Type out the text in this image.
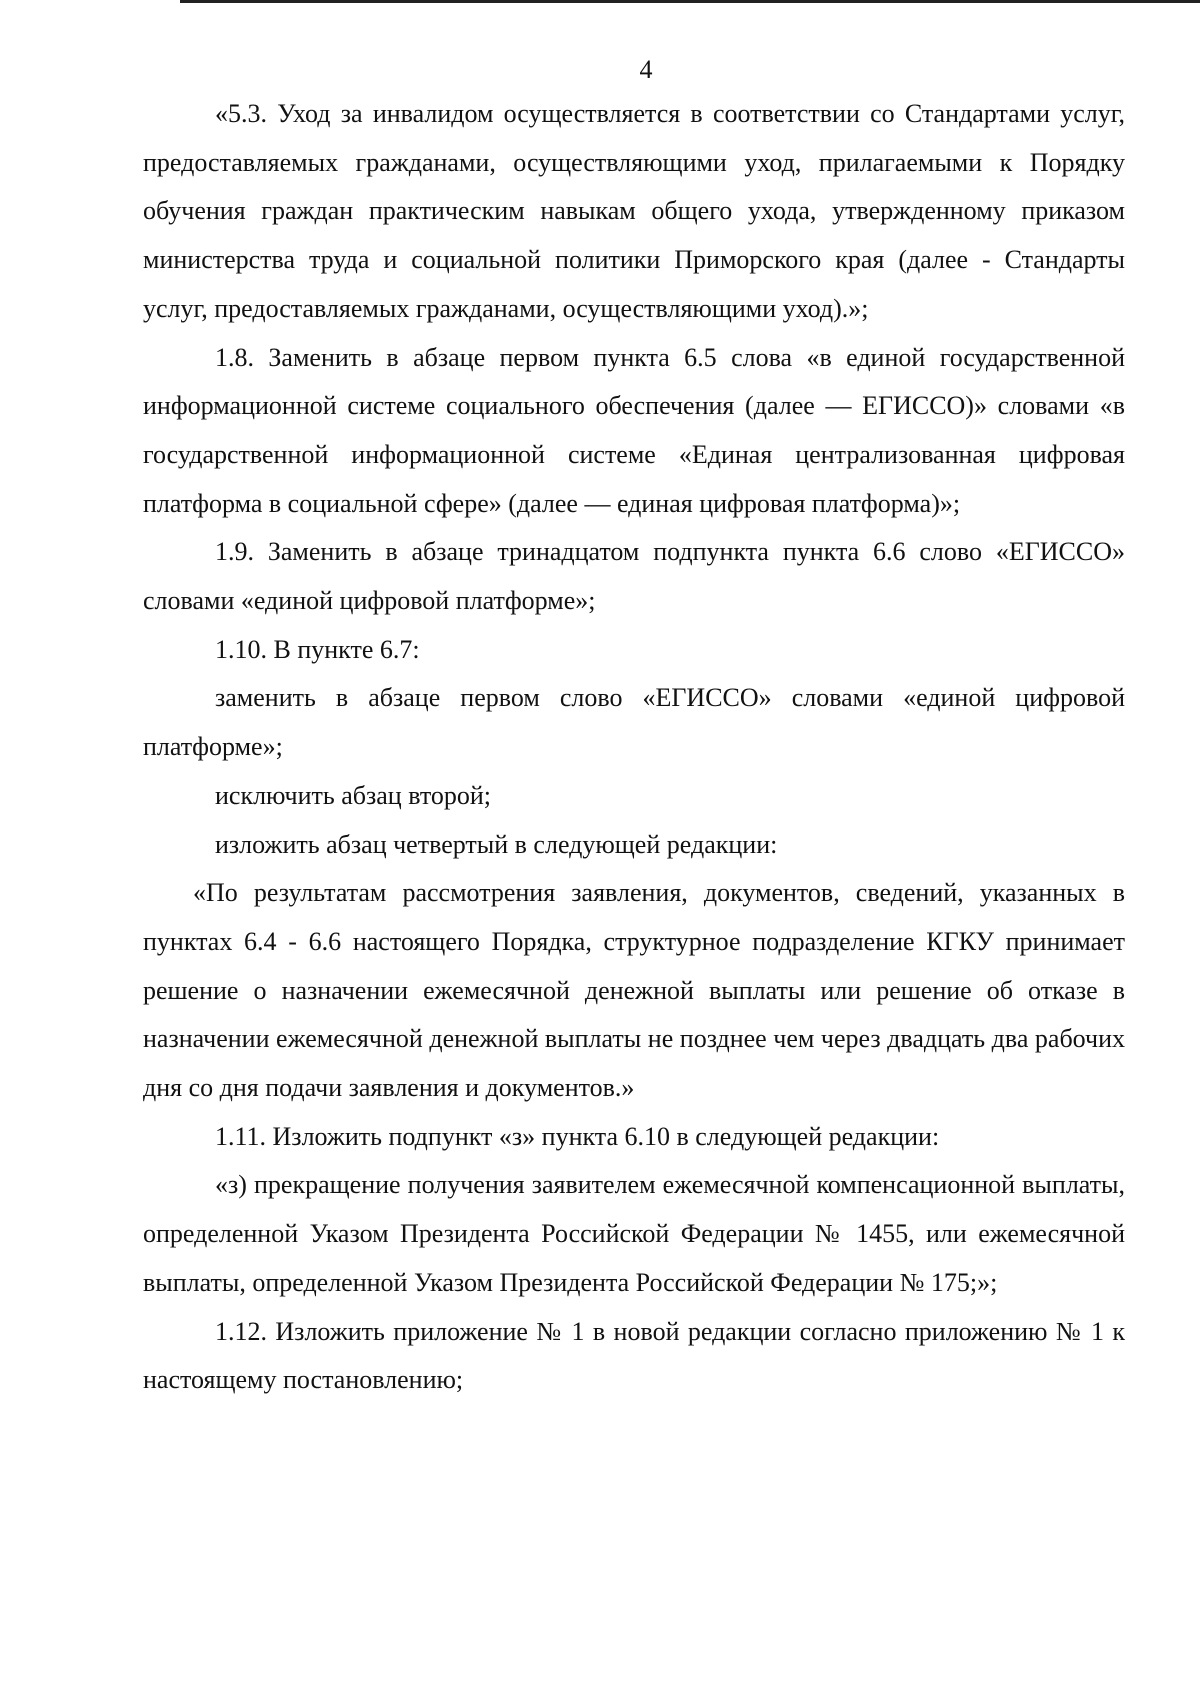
4

«5.3. Уход за инвалидом осуществляется в соответствии со Стандартами услуг, предоставляемых гражданами, осуществляющими уход, прилагаемыми к Порядку обучения граждан практическим навыкам общего ухода, утвержденному приказом министерства труда и социальной политики Приморского края (далее - Стандарты услуг, предоставляемых гражданами, осуществляющими уход).»;

1.8. Заменить в абзаце первом пункта 6.5 слова «в единой государственной информационной системе социального обеспечения (далее — ЕГИССО)» словами «в государственной информационной системе «Единая централизованная цифровая платформа в социальной сфере» (далее — единая цифровая платформа)»;

1.9. Заменить в абзаце тринадцатом подпункта пункта 6.6 слово «ЕГИССО» словами «единой цифровой платформе»;

1.10. В пункте 6.7:

заменить в абзаце первом слово «ЕГИССО» словами «единой цифровой платформе»;

исключить абзац второй;

изложить абзац четвертый в следующей редакции:

«По результатам рассмотрения заявления, документов, сведений, указанных в пунктах 6.4 - 6.6 настоящего Порядка, структурное подразделение КГКУ принимает решение о назначении ежемесячной денежной выплаты или решение об отказе в назначении ежемесячной денежной выплаты не позднее чем через двадцать два рабочих дня со дня подачи заявления и документов.»

1.11. Изложить подпункт «з» пункта 6.10 в следующей редакции:

«з) прекращение получения заявителем ежемесячной компенсационной выплаты, определенной Указом Президента Российской Федерации № 1455, или ежемесячной выплаты, определенной Указом Президента Российской Федерации № 175;»;

1.12. Изложить приложение № 1 в новой редакции согласно приложению № 1 к настоящему постановлению;
